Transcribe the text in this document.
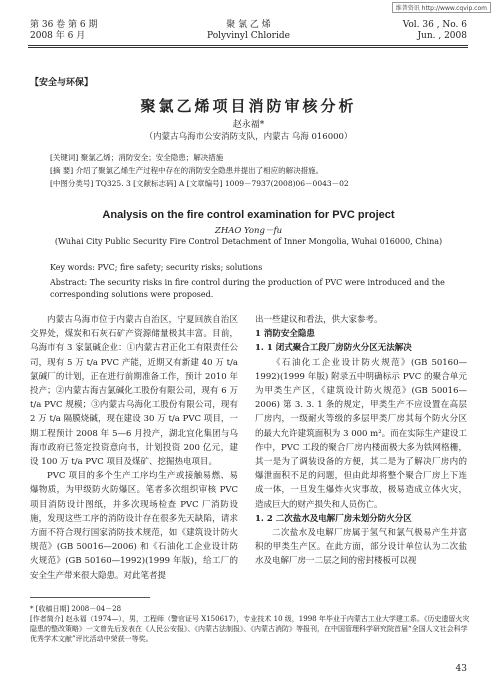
维普资讯 http://www.cqvip.com
第 36 卷 第 6 期
2008 年 6 月
聚 氯 乙 烯
Polyvinyl Chloride
Vol. 36 , No. 6
Jun. , 2008
【安全与环保】
聚氯乙烯项目消防审核分析
赵永福*
（内蒙古乌海市公安消防支队，内蒙古 乌海 016000）
[关键词] 聚氯乙烯；消防安全；安全隐患；解决措施
[摘 要] 介绍了聚氯乙烯生产过程中存在的消防安全隐患并提出了相应的解决措施。
[中图分类号] TQ325. 3 [文献标志码] A [文章编号] 1009－7937(2008)06－0043－02
Analysis on the fire control examination for PVC project
ZHAO Yong－fu
(Wuhai City Public Security Fire Control Detachment of Inner Mongolia, Wuhai 016000, China)
Key words: PVC; fire safety; security risks; solutions
Abstract: The security risks in fire control during the production of PVC were introduced and the corresponding solutions were proposed.

内蒙古乌海市位于内蒙古自治区，宁夏回族自治区交界处，煤炭和石灰石矿产资源储量极其丰富。目前，乌海市有 3 家氯碱企业：①内蒙古君正化工有限责任公司，现有 5 万 t/a PVC 产能，近期又有新建 40 万 t/a 氯碱厂的计划，正在进行前期准备工作，预计 2010 年投产；②内蒙古海吉氯碱化工股份有限公司，现有 6 万 t/a PVC 规模；③内蒙古乌海化工股份有限公司，现有 2 万 t/a 隔膜烧碱，现在建设 30 万 t/a PVC 项目，一期工程预计 2008 年 5—6 月投产，湖北宜化集团与乌海市政府已签定投资意向书，计划投资 200 亿元，建设 100 万 t/a PVC 项目及煤矿、挖掘热电项目。

PVC 项目的多个生产工序均生产或接触易燃、易爆物质，为甲级防火防爆区。笔者多次组织审核 PVC 项目消防设计图纸，并多次现场检查 PVC 厂消防设施，发现这些工序的消防设计存在很多先天缺陷，请求方面不符合现行国家消防技术规范，如《建筑设计防火规范》(GB 50016—2006) 和《石油化工企业设计防火规范》(GB 50160—1992)(1999 年版)，给工厂的安全生产带来很大隐患。对此笔者提

出一些建议和看法，供大家参考。

1 消防安全隐患
1. 1 闭式聚合工段厂房防火分区无法解决

《石油化工企业设计防火规范》(GB 50160—1992)(1999 年版) 附录五中明确标示 PVC 的聚合单元为甲类生产区，《建筑设计防火规范》(GB 50016—2006) 第 3. 3. 1 条的规定，甲类生产不应设置在高层厂房内，一级耐火等级的多层甲类厂房其每个防火分区的最大允许建筑面积为 3 000 m²。而在实际生产建设工作中，PVC 工段的聚合厂房内楼面极大多为铁网格栅，其一是为了调装设备的方便，其二是为了解决厂房内的爆泄面积不足的问题，但由此却将整个聚合厂房上下连成一体，一旦发生爆炸火灾事故，极易造成立体火灾，造成巨大的财产损失和人员伤亡。

1. 2 二次盐水及电解厂房未划分防火分区

二次盐水及电解厂房属于氢气和氯气极易产生并富积的甲类生产区。在此方面，部分设计单位认为二次盐水及电解厂房一二层之间的密封楼板可以视

* [收稿日期] 2008－04－28
[作者简介] 赵永福（1974—），男，工程师（警官证号 X150617），专业技术 10 级，1998 年毕业于内蒙古工业大学建工系。《历史遗留火灾隐患的整改策略》一文曾先后发表在《人民公安报》、《内蒙古法制报》、《内蒙古消防》等报刊，在中国管理科学研究院首届“全国人文社会科学优秀学术文献”评比活动中荣获一等奖。
43
